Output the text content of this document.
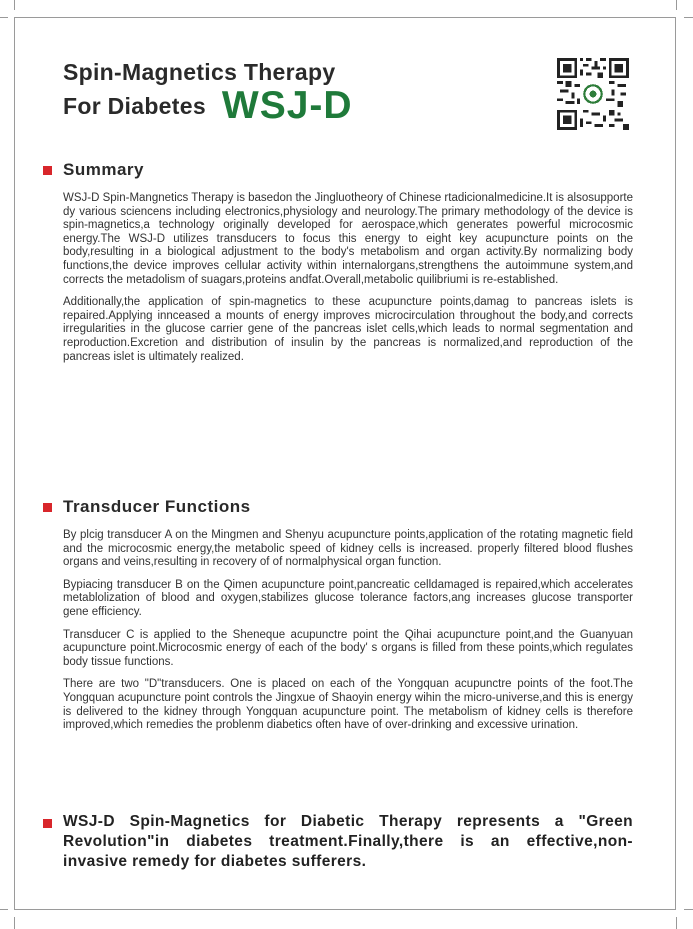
Spin-Magnetics Therapy
For Diabetes WSJ-D
Summary

WSJ-D Spin-Mangnetics Therapy is basedon the Jingluotheory of Chinese rtadicionalmedicine.It is alsosupporte dy various sciencens including electronics,physiology and neurology.The primary methodology of the device is spin-magnetics,a technology originally developed for aerospace,which generates powerful microcosmic energy.The WSJ-D utilizes transducers to focus this energy to eight key acupuncture points on the body,resulting in a biological adjustment to the body's metabolism and organ activity.By normalizing body functions,the device improves cellular activity within internalorgans,strengthens the autoimmune system,and corrects the metadolism of suagars,proteins andfat.Overall,metabolic quilibriumi is re-established.

Additionally,the application of spin-magnetics to these acupuncture points,damag to pancreas islets is repaired.Applying innceased a mounts of energy improves microcirculation throughout the body,and corrects irregularities in the glucose carrier gene of the pancreas islet cells,which leads to normal segmentation and reproduction.Excretion and distribution of insulin by the pancreas is normalized,and reproduction of the pancreas islet is ultimately realized.

Transducer Functions

By plcig transducer A on the Mingmen and Shenyu acupuncture points,application of the rotating magnetic field and the microcosmic energy,the metabolic speed of kidney cells is increased. properly filtered blood flushes organs and veins,resulting in recovery of of normalphysical organ function.

Bypiacing transducer B on the Qimen acupuncture point,pancreatic celldamaged is repaired,which accelerates metablolization of blood and oxygen,stabilizes glucose tolerance factors,ang increases glucose transporter gene efficiency.

Transducer C is applied to the Sheneque acupunctre point the Qihai acupuncture point,and the Guanyuan acupuncture point.Microcosmic energy of each of the body' s organs is filled from these points,which regulates body tissue functions.

There are two "D"transducers. One is placed on each of the Yongquan acupunctre points of the foot.The Yongquan acupuncture point controls the Jingxue of Shaoyin energy wihin the micro-universe,and this is energy is delivered to the kidney through Yongquan acupuncture point. The metabolism of kidney cells is therefore improved,which remedies the problenm diabetics often have of over-drinking and excessive urination.

WSJ-D Spin-Magnetics for Diabetic Therapy represents a "Green Revolution"in diabetes treatment.Finally,there is an effective,non-invasive remedy for diabetes sufferers.
